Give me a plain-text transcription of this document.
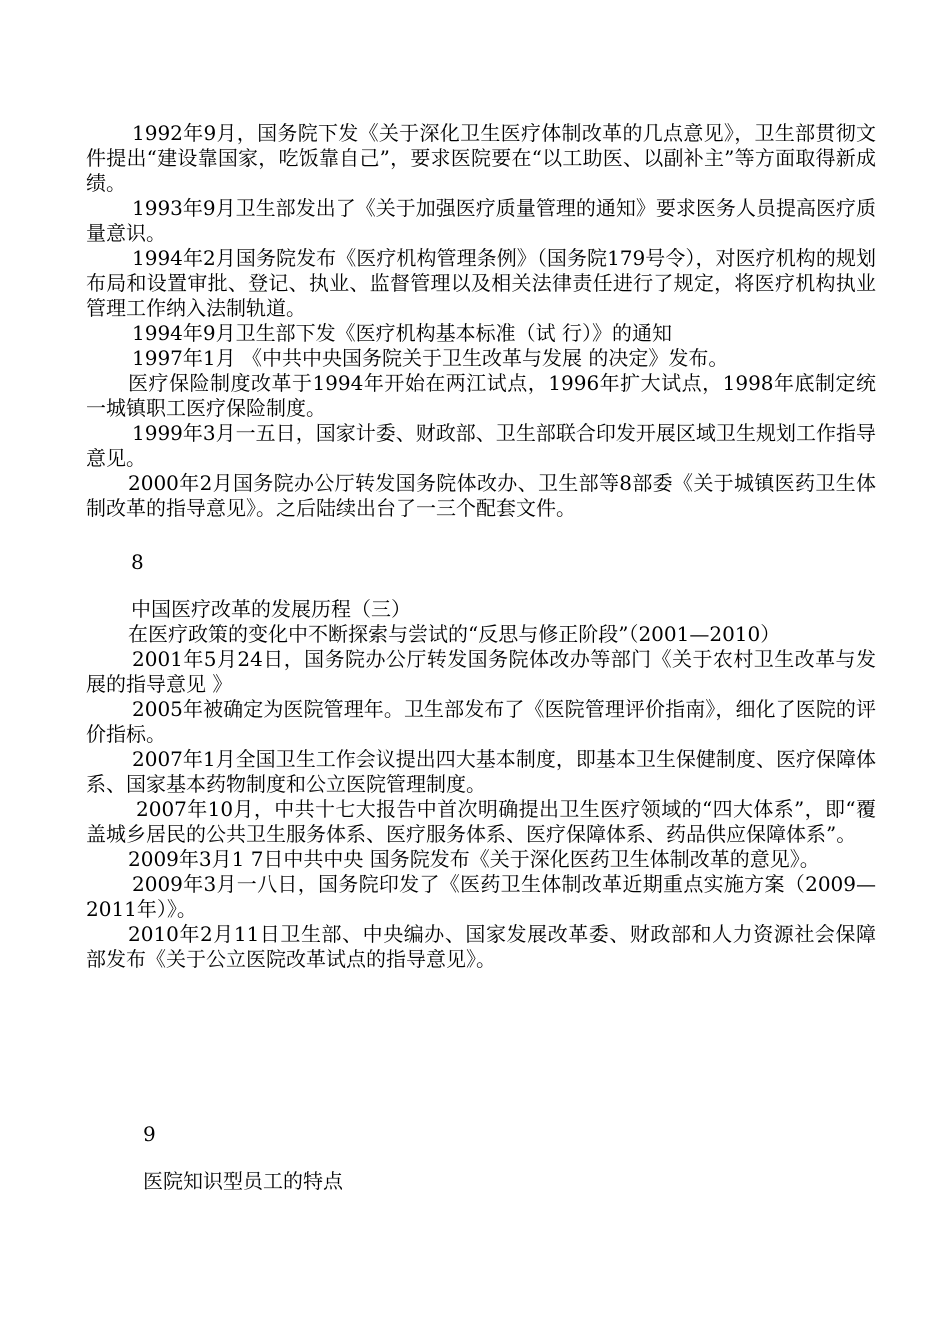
1992年9月，国务院下发《关于深化卫生医疗体制改革的几点意见》，卫生部贯彻文件提出“建设靠国家，吃饭靠自己”，要求医院要在“以工助医、以副补主”等方面取得新成绩。

1993年9月卫生部发出了《关于加强医疗质量管理的通知》要求医务人员提高医疗质量意识。

1994年2月国务院发布《医疗机构管理条例》（国务院179号令），对医疗机构的规划布局和设置审批、登记、执业、监督管理以及相关法律责任进行了规定，将医疗机构执业管理工作纳入法制轨道。

1994年9月卫生部下发《医疗机构基本标准（试 行）》的通知

1997年1月 《中共中央国务院关于卫生改革与发展 的决定》发布。

医疗保险制度改革于1994年开始在两江试点，1996年扩大试点，1998年底制定统一城镇职工医疗保险制度。

1999年3月一五日，国家计委、财政部、卫生部联合印发开展区域卫生规划工作指导意见。

2000年2月国务院办公厅转发国务院体改办、卫生部等8部委《关于城镇医药卫生体制改革的指导意见》。之后陆续出台了一三个配套文件。

8

中国医疗改革的发展历程（三）

在医疗政策的变化中不断探索与尝试的“反思与修正阶段”（2001—2010）

2001年5月24日，国务院办公厅转发国务院体改办等部门《关于农村卫生改革与发展的指导意见 》

2005年被确定为医院管理年。卫生部发布了《医院管理评价指南》，细化了医院的评价指标。

2007年1月全国卫生工作会议提出四大基本制度，即基本卫生保健制度、医疗保障体系、国家基本药物制度和公立医院管理制度。

2007年10月，中共十七大报告中首次明确提出卫生医疗领域的“四大体系”，即“覆盖城乡居民的公共卫生服务体系、医疗服务体系、医疗保障体系、药品供应保障体系”。

2009年3月1 7日中共中央 国务院发布《关于深化医药卫生体制改革的意见》。

2009年3月一八日，国务院印发了《医药卫生体制改革近期重点实施方案（2009—2011年）》。

2010年2月11日卫生部、中央编办、国家发展改革委、财政部和人力资源社会保障部发布《关于公立医院改革试点的指导意见》。

9

医院知识型员工的特点
